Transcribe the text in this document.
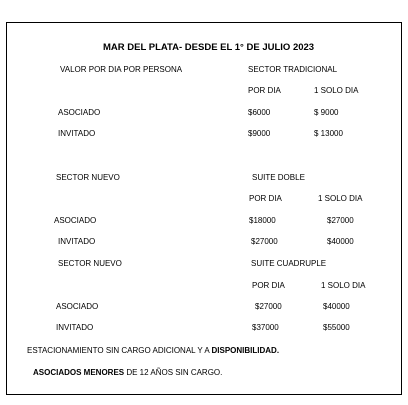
MAR DEL PLATA- DESDE EL 1° DE JULIO 2023
VALOR POR DIA POR PERSONA	SECTOR TRADICIONAL
POR DIA	1 SOLO DIA
ASOCIADO	$6000	$ 9000
INVITADO	$9000	$ 13000
SECTOR NUEVO	SUITE DOBLE
POR DIA	1 SOLO DIA
ASOCIADO	$18000	$27000
INVITADO	$27000	$40000
SECTOR NUEVO	SUITE CUADRUPLE
POR DIA	1 SOLO DIA
ASOCIADO	$27000	$40000
INVITADO	$37000	$55000
ESTACIONAMIENTO SIN CARGO ADICIONAL Y A DISPONIBILIDAD.
ASOCIADOS MENORES DE 12 AÑOS SIN CARGO.
